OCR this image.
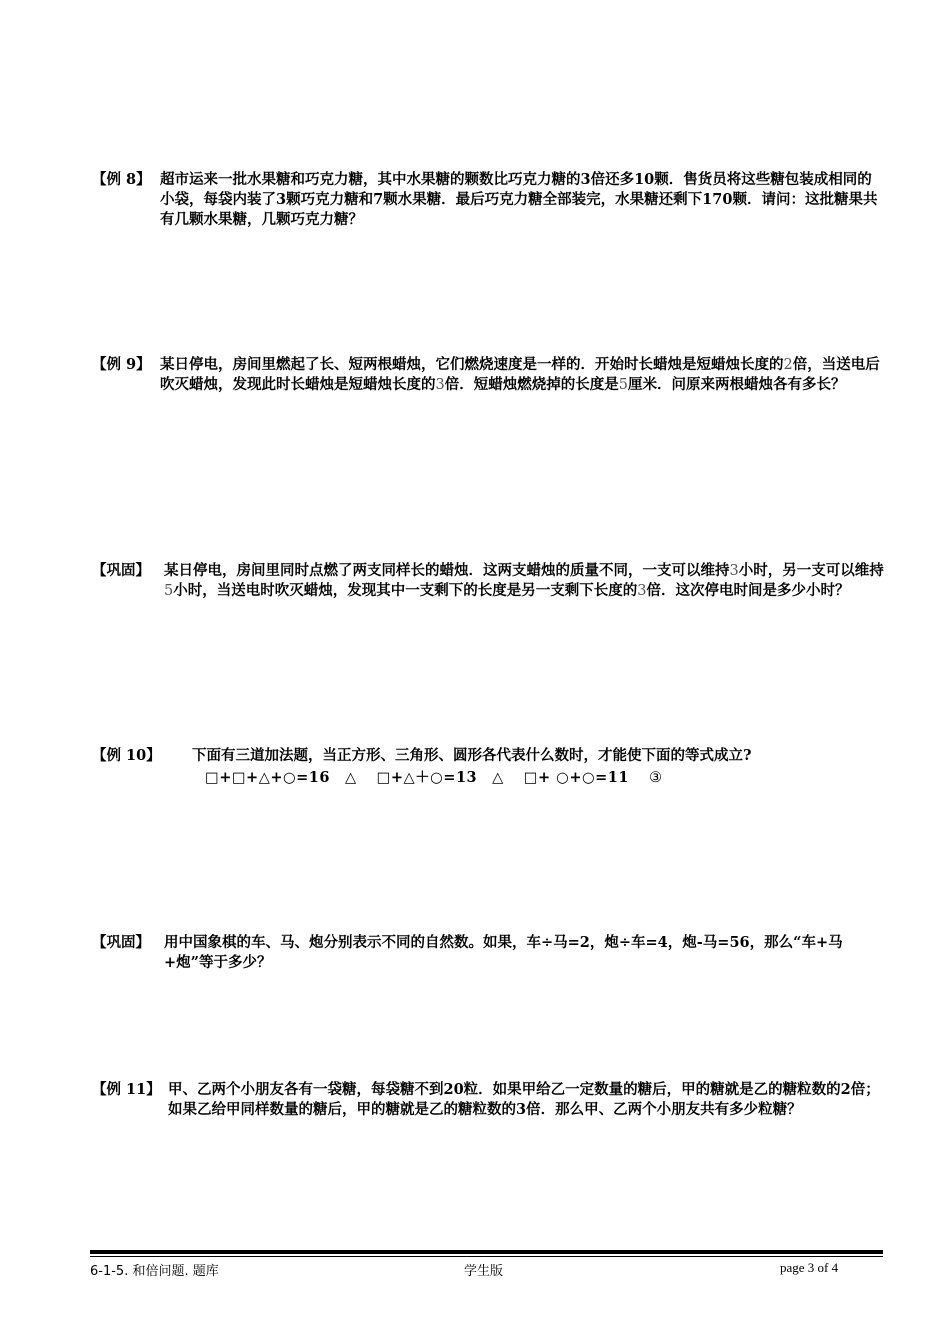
【例 8】 超市运来一批水果糖和巧克力糖，其中水果糖的颗数比巧克力糖的3倍还多10颗．售货员将这些糖包装成相同的小袋，每袋内装了3颗巧克力糖和7颗水果糖．最后巧克力糖全部装完，水果糖还剩下170颗．请问：这批糖果共有几颗水果糖，几颗巧克力糖？
【例 9】 某日停电，房间里燃起了长、短两根蜡烛，它们燃烧速度是一样的．开始时长蜡烛是短蜡烛长度的2倍，当送电后吹灭蜡烛，发现此时长蜡烛是短蜡烛长度的3倍．短蜡烛燃烧掉的长度是5厘米．问原来两根蜡烛各有多长？
【巩固】 某日停电，房间里同时点燃了两支同样长的蜡烛．这两支蜡烛的质量不同，一支可以维持3小时，另一支可以维持5小时，当送电时吹灭蜡烛，发现其中一支剩下的长度是另一支剩下长度的3倍．这次停电时间是多少小时？
【例 10】	下面有三道加法题，当正方形、三角形、圆形各代表什么数时，才能使下面的等式成立?
□+□+△+○=16　△ □+△＋○=13　△ □+ ○+○=11 ③
【巩固】 用中国象棋的车、马、炮分别表示不同的自然数。如果，车÷马=2，炮÷车=4，炮-马=56，那么“车+马+炮”等于多少？
【例 11】 甲、乙两个小朋友各有一袋糖，每袋糖不到20粒．如果甲给乙一定数量的糖后，甲的糖就是乙的糖粒数的2倍；如果乙给甲同样数量的糖后，甲的糖就是乙的糖粒数的3倍．那么甲、乙两个小朋友共有多少粒糖？
6-1-5. 和倍问题. 题库	学生版	page 3 of 4
